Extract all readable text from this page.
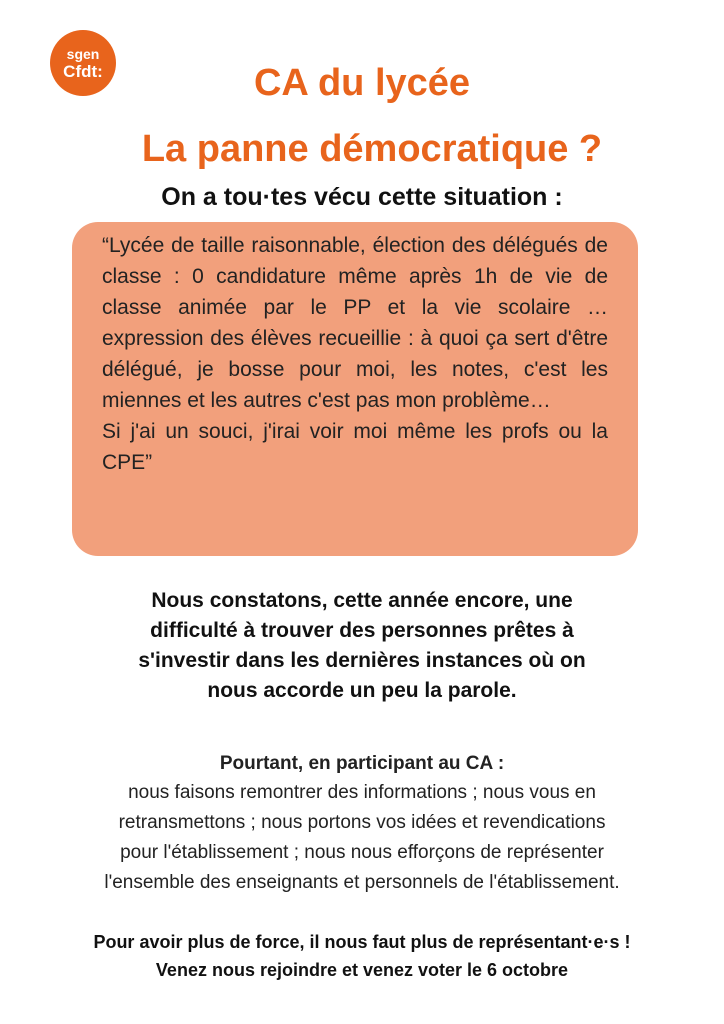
sgen
Cfdt:	CA du lycée
La panne démocratique ?
On a tou·tes vécu cette situation :

“Lycée de taille raisonnable, élection des délégués de classe : 0 candidature même après 1h de vie de classe animée par le PP et la vie scolaire … expression des élèves recueillie : à quoi ça sert d'être délégué, je bosse pour moi, les notes, c'est les miennes et les autres c'est pas mon problème…

Si j'ai un souci, j'irai voir moi même les profs ou la CPE”

Nous constatons, cette année encore, une
difficulté à trouver des personnes prêtes à
s'investir dans les dernières instances où on
nous accorde un peu la parole.
Pourtant, en participant au CA :
nous faisons remontrer des informations ; nous vous en
retransmettons ; nous portons vos idées et revendications
pour l'établissement ; nous nous efforçons de représenter
l'ensemble des enseignants et personnels de l'établissement.
Pour avoir plus de force, il nous faut plus de représentant·e·s !
Venez nous rejoindre et venez voter le 6 octobre
